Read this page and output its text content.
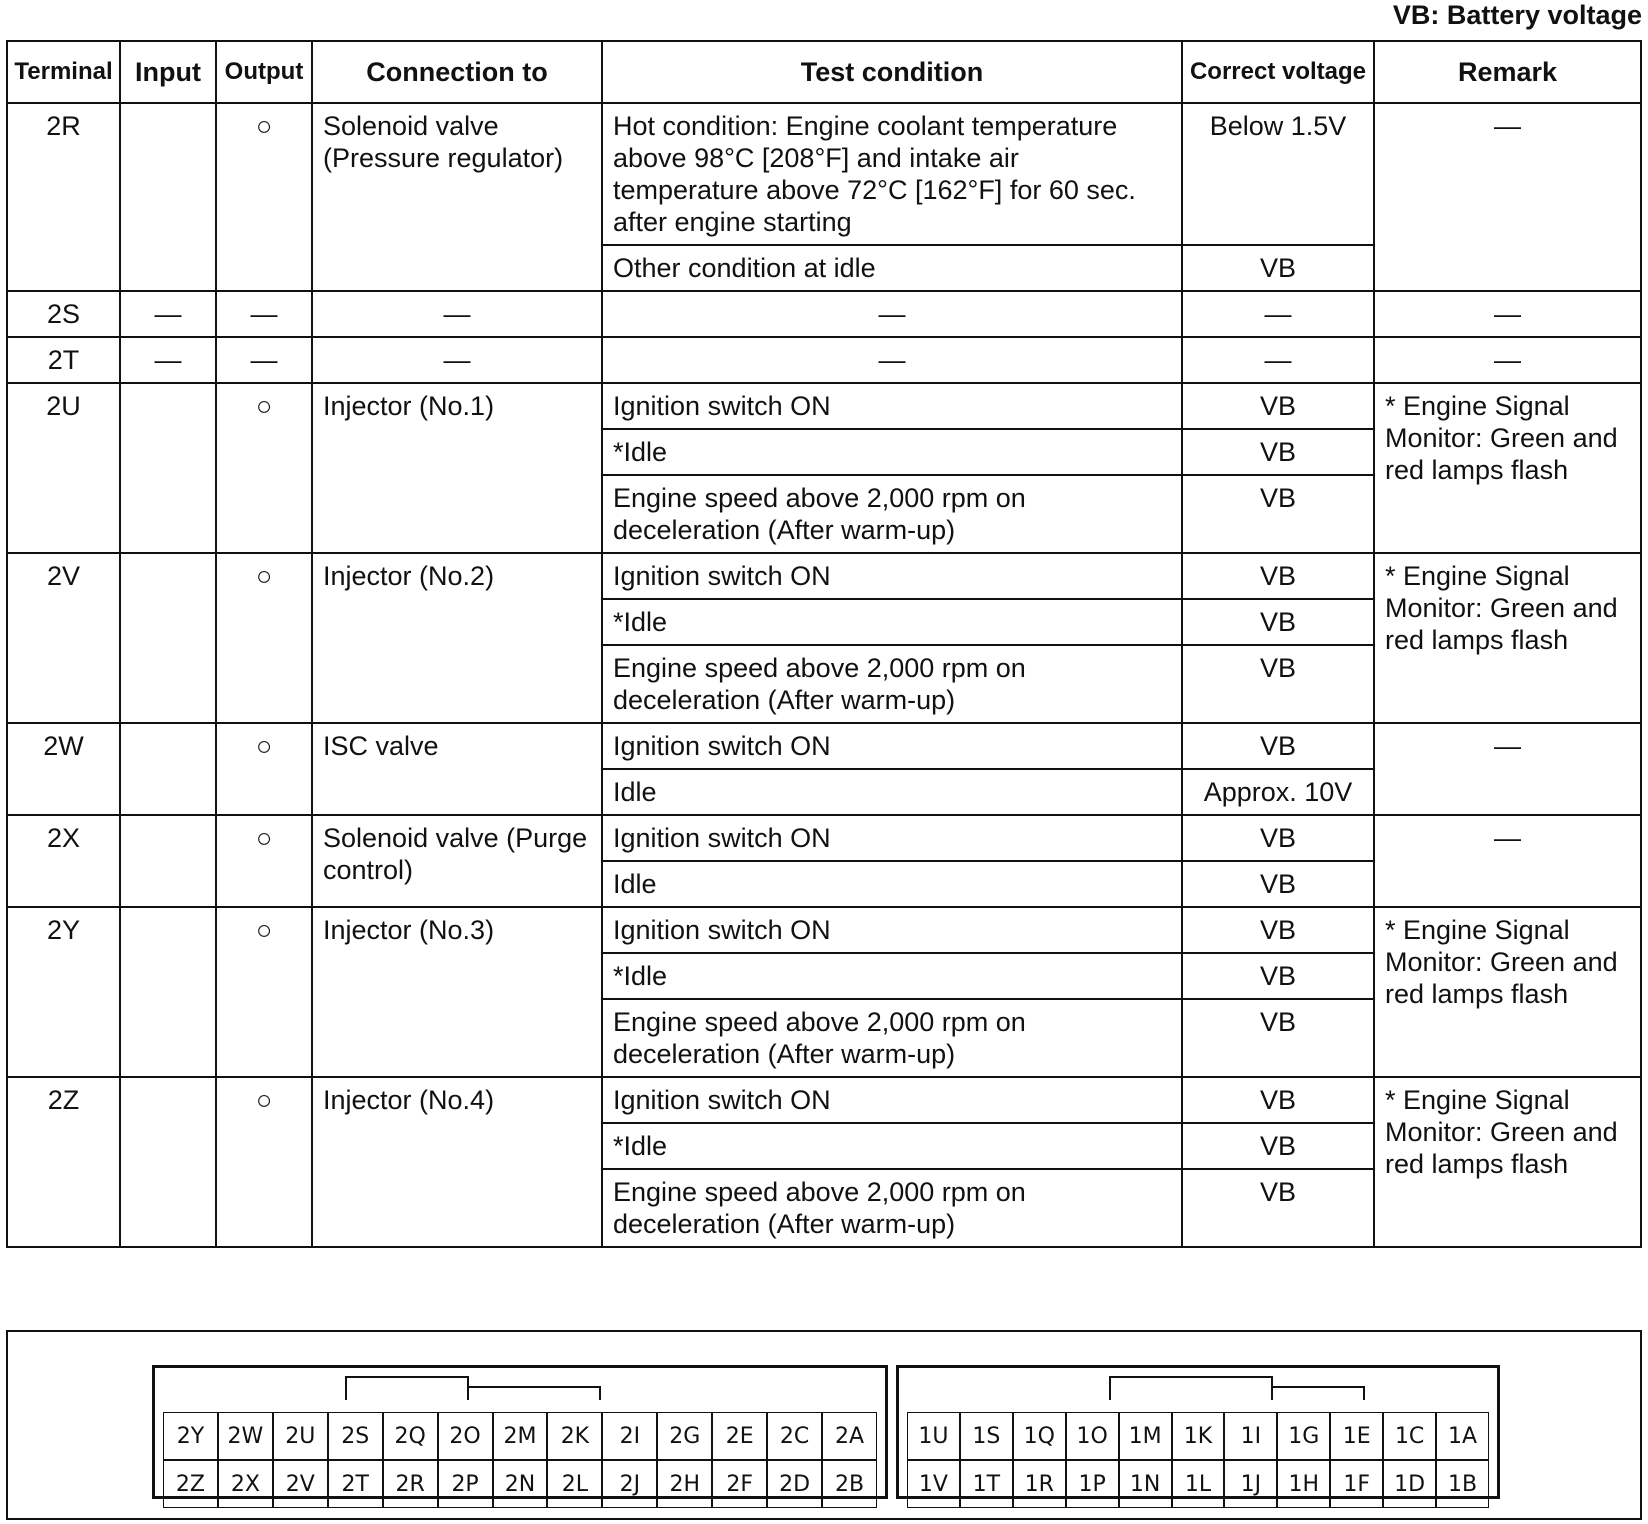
VB: Battery voltage
Terminal	Input	Output	Connection to	Test condition	Correct voltage	Remark
2R		○	Solenoid valve (Pressure regulator)	Hot condition: Engine coolant temperature above 98°C [208°F] and intake air temperature above 72°C [162°F] for 60 sec. after engine starting	Below 1.5V	—
				Other condition at idle	VB	
2S	—	—	—	—	—	—
2T	—	—	—	—	—	—
2U		○	Injector (No.1)	Ignition switch ON	VB	* Engine Signal Monitor: Green and red lamps flash
				*Idle	VB	
				Engine speed above 2,000 rpm on deceleration (After warm-up)	VB	
2V		○	Injector (No.2)	Ignition switch ON	VB	* Engine Signal Monitor: Green and red lamps flash
				*Idle	VB	
				Engine speed above 2,000 rpm on deceleration (After warm-up)	VB	
2W		○	ISC valve	Ignition switch ON	VB	—
				Idle	Approx. 10V	
2X		○	Solenoid valve (Purge control)	Ignition switch ON	VB	—
				Idle	VB	
2Y		○	Injector (No.3)	Ignition switch ON	VB	* Engine Signal Monitor: Green and red lamps flash
				*Idle	VB	
				Engine speed above 2,000 rpm on deceleration (After warm-up)	VB	
2Z		○	Injector (No.4)	Ignition switch ON	VB	* Engine Signal Monitor: Green and red lamps flash
				*Idle	VB	
				Engine speed above 2,000 rpm on deceleration (After warm-up)	VB	
2Y	2W	2U	2S	2Q	2O	2M	2K	2I	2G	2E	2C	2A
2Z	2X	2V	2T	2R	2P	2N	2L	2J	2H	2F	2D	2B
1U	1S	1Q 1O 1M	1K	1I	1G	1E	1C	1A
1V	1T	1R	1P	1N	1L	1J	1H	1F	1D	1B
